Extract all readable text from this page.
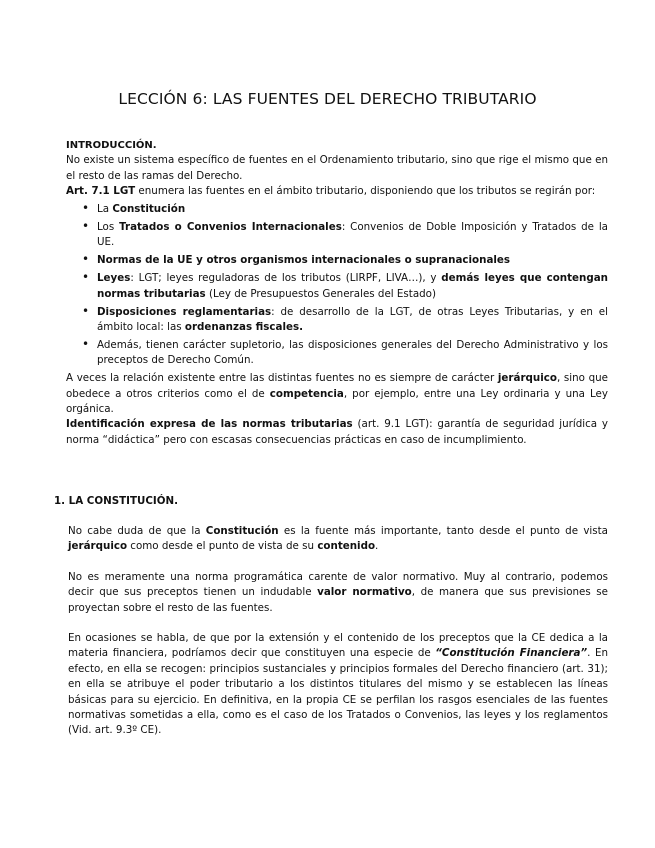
LECCIÓN 6: LAS FUENTES DEL DERECHO TRIBUTARIO
INTRODUCCIÓN.
No existe un sistema específico de fuentes en el Ordenamiento tributario, sino que rige el mismo que en el resto de las ramas del Derecho.
Art. 7.1 LGT enumera las fuentes en el ámbito tributario, disponiendo que los tributos se regirán por:
• La Constitución
• Los Tratados o Convenios Internacionales: Convenios de Doble Imposición y Tratados de la UE.
• Normas de la UE y otros organismos internacionales o supranacionales
• Leyes: LGT; leyes reguladoras de los tributos (LIRPF, LIVA…), y demás leyes que contengan normas tributarias (Ley de Presupuestos Generales del Estado)
• Disposiciones reglamentarias: de desarrollo de la LGT, de otras Leyes Tributarias, y en el ámbito local: las ordenanzas fiscales.
• Además, tienen carácter supletorio, las disposiciones generales del Derecho Administrativo y los preceptos de Derecho Común.
A veces la relación existente entre las distintas fuentes no es siempre de carácter jerárquico, sino que obedece a otros criterios como el de competencia, por ejemplo, entre una Ley ordinaria y una Ley orgánica.
Identificación expresa de las normas tributarias (art. 9.1 LGT): garantía de seguridad jurídica y norma “didáctica” pero con escasas consecuencias prácticas en caso de incumplimiento.
1. LA CONSTITUCIÓN.
No cabe duda de que la Constitución es la fuente más importante, tanto desde el punto de vista jerárquico como desde el punto de vista de su contenido.
No es meramente una norma programática carente de valor normativo. Muy al contrario, podemos decir que sus preceptos tienen un indudable valor normativo, de manera que sus previsiones se proyectan sobre el resto de las fuentes.
En ocasiones se habla, de que por la extensión y el contenido de los preceptos que la CE dedica a la materia financiera, podríamos decir que constituyen una especie de “Constitución Financiera”. En efecto, en ella se recogen: principios sustanciales y principios formales del Derecho financiero (art. 31); en ella se atribuye el poder tributario a los distintos titulares del mismo y se establecen las líneas básicas para su ejercicio. En definitiva, en la propia CE se perfilan los rasgos esenciales de las fuentes normativas sometidas a ella, como es el caso de los Tratados o Convenios, las leyes y los reglamentos (Vid. art. 9.3º CE).
